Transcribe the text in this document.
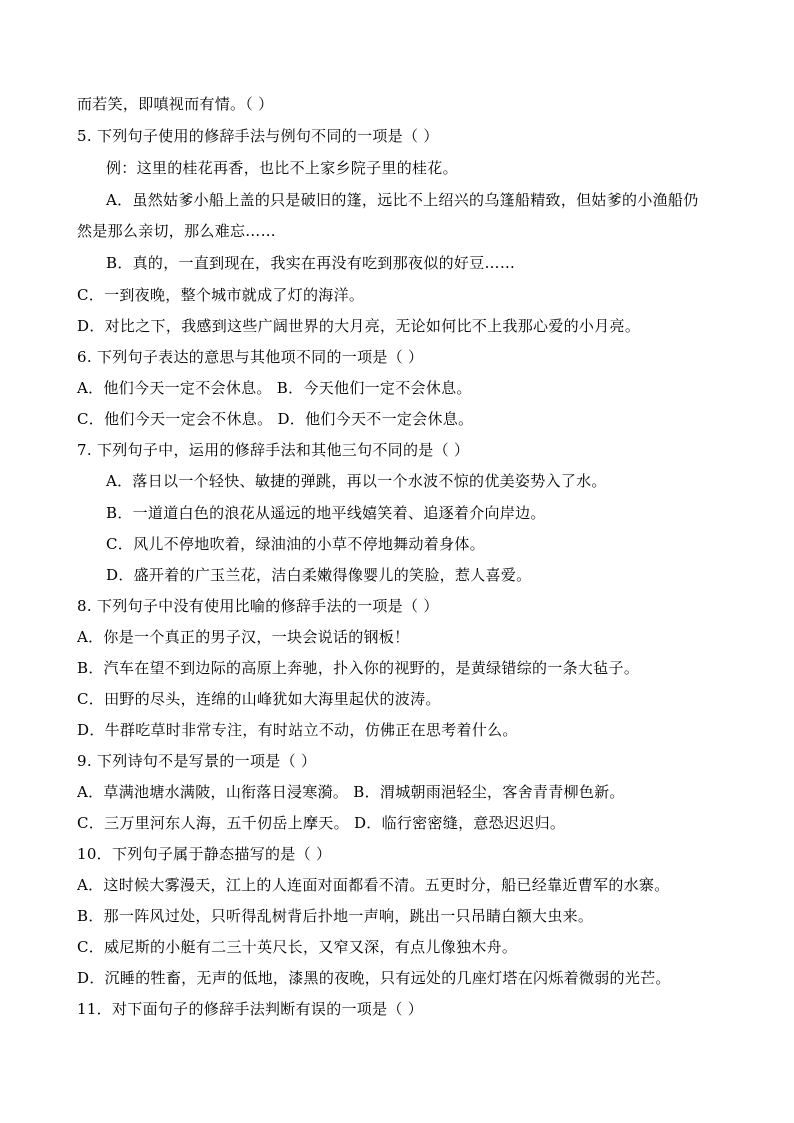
而若笑，即嗔视而有情。（ ）
5. 下列句子使用的修辞手法与例句不同的一项是（ ）
例：这里的桂花再香，也比不上家乡院子里的桂花。
A．虽然姑爹小船上盖的只是破旧的篷，远比不上绍兴的乌篷船精致，但姑爹的小渔船仍
然是那么亲切，那么难忘……
B．真的，一直到现在，我实在再没有吃到那夜似的好豆……
C．一到夜晚，整个城市就成了灯的海洋。
D．对比之下，我感到这些广阔世界的大月亮，无论如何比不上我那心爱的小月亮。
6. 下列句子表达的意思与其他项不同的一项是（ ）
A．他们今天一定不会休息。 B．今天他们一定不会休息。
C．他们今天一定会不休息。 D．他们今天不一定会休息。
7. 下列句子中，运用的修辞手法和其他三句不同的是（ ）
A．落日以一个轻快、敏捷的弹跳，再以一个水波不惊的优美姿势入了水。
B．一道道白色的浪花从遥远的地平线嬉笑着、追逐着介向岸边。
C．风儿不停地吹着，绿油油的小草不停地舞动着身体。
D．盛开着的广玉兰花，洁白柔嫩得像婴儿的笑脸，惹人喜爱。
8. 下列句子中没有使用比喻的修辞手法的一项是（ ）
A．你是一个真正的男子汉，一块会说话的钢板！
B．汽车在望不到边际的高原上奔驰，扑入你的视野的，是黄绿错综的一条大毡子。
C．田野的尽头，连绵的山峰犹如大海里起伏的波涛。
D．牛群吃草时非常专注，有时站立不动，仿佛正在思考着什么。
9. 下列诗句不是写景的一项是（ ）
A．草满池塘水满陂，山衔落日浸寒漪。 B．渭城朝雨浥轻尘，客舍青青柳色新。
C．三万里河东人海，五千仞岳上摩天。 D．临行密密缝，意恐迟迟归。
10．下列句子属于静态描写的是（ ）
A．这时候大雾漫天，江上的人连面对面都看不清。五更时分，船已经靠近曹军的水寨。
B．那一阵风过处，只听得乱树背后扑地一声响，跳出一只吊睛白额大虫来。
C．威尼斯的小艇有二三十英尺长，又窄又深，有点儿像独木舟。
D．沉睡的牲畜，无声的低地，漆黑的夜晚，只有远处的几座灯塔在闪烁着微弱的光芒。
11．对下面句子的修辞手法判断有误的一项是（ ）
